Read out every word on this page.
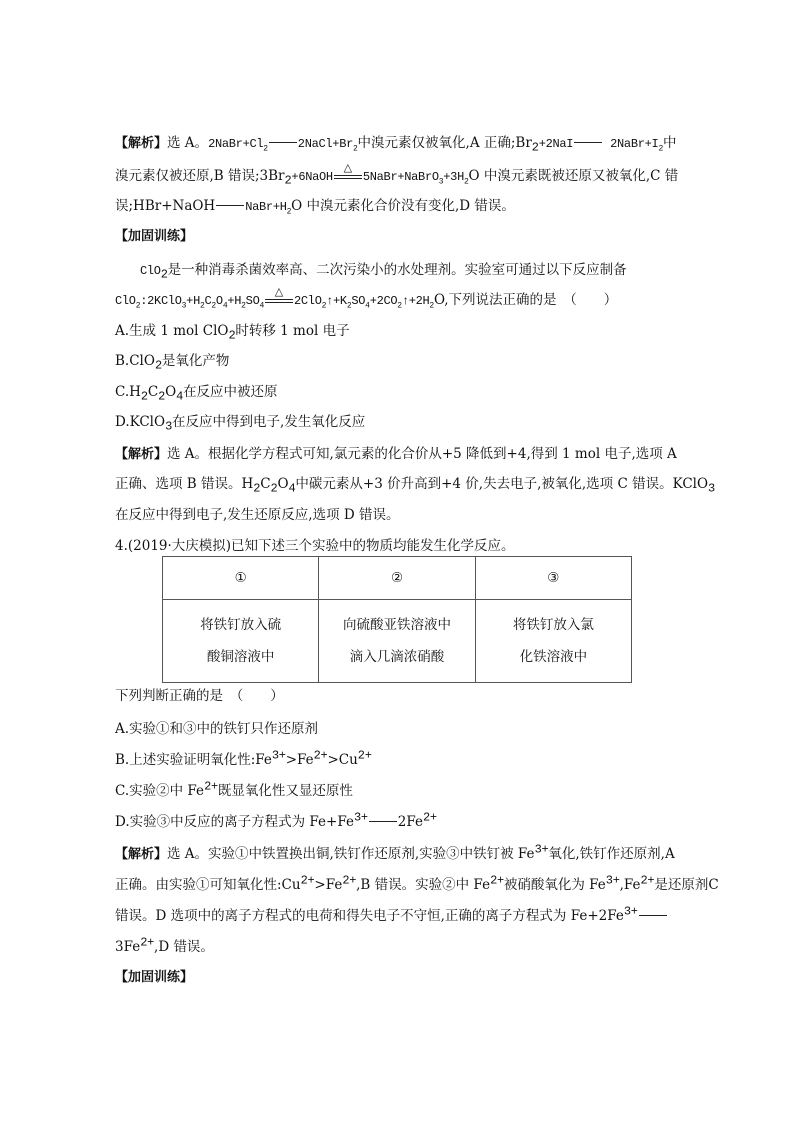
【解析】选 A。$2NaBr+Cl_2$	$2NaCl+Br_2$中溴元素仅被氧化,A 正确$;Br_2+2NaI$	$2NaBr+I_2$中
溴元素仅被还原,B 错误$;3Br_2+6NaOH$
△
$5NaBr+NaBrO_3+3H_2O$ 中溴元素既被还原又被氧化,C 错
误;HBr+NaOH	$NaBr+H_2O$ 中溴元素化合价没有变化,D 错误。
【加固训练】
ClO$_2$是一种消毒杀菌效率高、二次污染小的水处理剂。实验室可通过以下反应制备
$ClO_2:2KClO_3+H_2C_2O_4+H_2SO_4$
△
$2ClO_2↑+K_2SO_4+2CO_2↑+2H_2O$,下列说法正确的是　（　　）
A.生成 1 mol ClO$_2$时转移 1 mol 电子
B.ClO$_2$是氧化产物
$C.H_2C_2O_4$在反应中被还原
D.KClO$_3$在反应中得到电子,发生氧化反应
【解析】选 A。根据化学方程式可知,氯元素的化合价从+5 降低到+4,得到 1 mol 电子,选项 A
正确、选项 B 错误。$H_2C_2O_4$中碳元素从+3 价升高到+4 价,失去电子,被氧化,选项 C 错误。KClO$_3$
在反应中得到电子,发生还原反应,选项 D 错误。
4.(2019·大庆模拟)已知下述三个实验中的物质均能发生化学反应。
①	②	③
将铁钉放入硫酸铜溶液中	向硫酸亚铁溶液中滴入几滴浓硝酸	将铁钉放入氯化铁溶液中
下列判断正确的是　（　　）
A.实验①和③中的铁钉只作还原剂
B.上述实验证明氧化性$:Fe^{3+}>Fe^{2+}>Cu^{2+}$
C.实验②中 $Fe^{2+}$既显氧化性又显还原性
D.实验③中反应的离子方程式为 $Fe+Fe^{3+}$ $2Fe^{2+}$
【解析】选 A。实验①中铁置换出铜,铁钉作还原剂,实验③中铁钉被 $Fe^{3+}$氧化,铁钉作还原剂,A
正确。由实验①可知氧化性$:Cu^{2+}>Fe^{2+},B$ 错误。实验②中 $Fe^{2+}$被硝酸氧化为 $Fe^{3+},Fe^{2+}$是还原剂C
错误。D 选项中的离子方程式的电荷和得失电子不守恒,正确的离子方程式为 $Fe+2Fe^{3+}$
$3Fe^{2+},D$ 错误。
【加固训练】
